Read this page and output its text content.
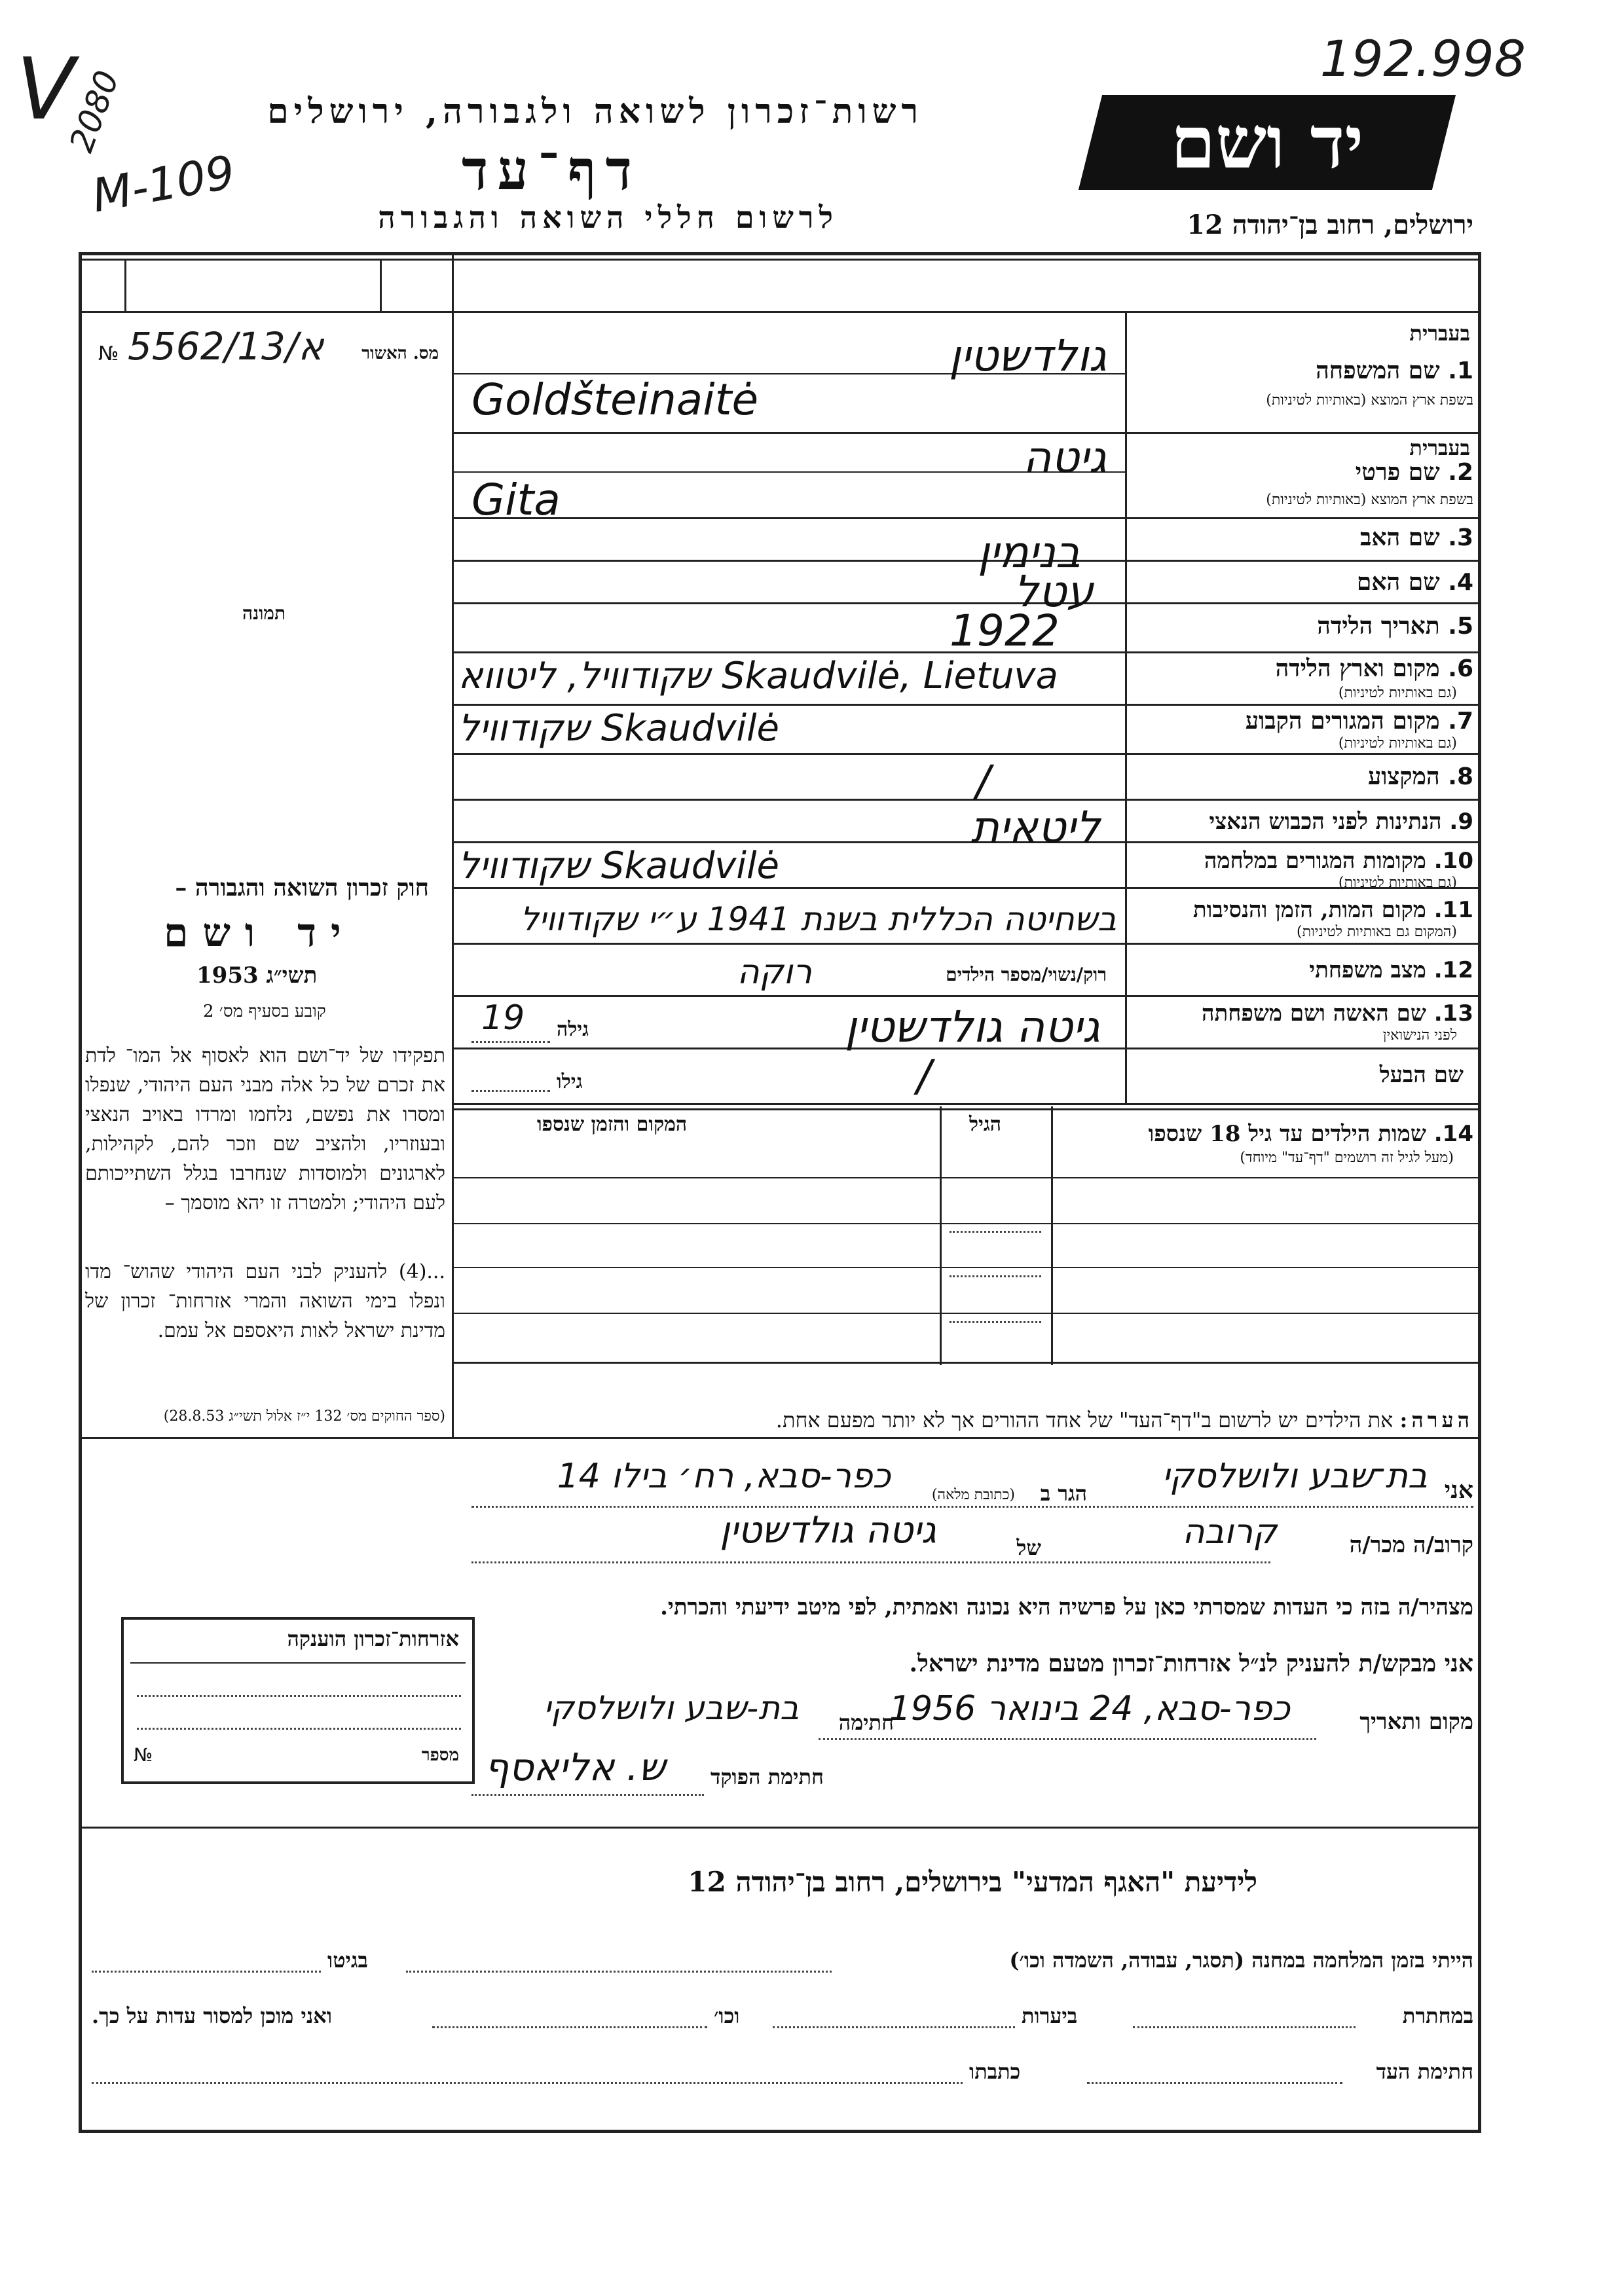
192.998
V
2080
M-109
רשות־זכרון לשואה ולגבורה, ירושלים
דף־עד
לרשום חללי השואה והגבורה
יד ושם
ירושלים, רחוב בן־יהודה 12
№ א/5562/13 מס. האשור
תמונה
חוק זכרון השואה והגבורה –
יד ושם
תשי״ג 1953
קובע בסעיף מס׳ 2
תפקידו של יד־ושם הוא לאסוף אל המו־ לדת את זכרם של כל אלה מבני העם היהודי, שנפלו ומסרו את נפשם, נלחמו ומרדו באויב הנאצי ובעוזריו, ולהציב שם וזכר להם, לקהילות, לארגונים ולמוסדות שנחרבו בגלל השתייכותם לעם היהודי; ולמטרה זו יהא מוסמך –
...(4) להעניק לבני העם היהודי שהוש־ מדו ונפלו בימי השואה והמרי אזרחות־ זכרון של מדינת ישראל לאות היאספם אל עמם.
(ספר החוקים מס׳ 132 י״ז אלול תשי״ג 28.8.53)
בעברית
1. שם המשפחה
בשפת ארץ המוצא (באותיות לטיניות)
גולדשטין
Goldšteinaitė
בעברית
2. שם פרטי
בשפת ארץ המוצא (באותיות לטיניות)
גיטה
Gita
3. שם האב
בנימין
4. שם האם
עטל
5. תאריך הלידה
1922
6. מקום וארץ הלידה
(גם באותיות לטיניות)
שקודוויל, ליטווא Skaudvilė, Lietuva
7. מקום המגורים הקבוע
(גם באותיות לטיניות)
שקודוויל Skaudvilė
8. המקצוע
/
9. הנתינות לפני הכבוש הנאצי
ליטאית
10. מקומות המגורים במלחמה
(גם באותיות לטיניות)
שקודוויל Skaudvilė
11. מקום המות, הזמן והנסיבות
(המקום גם באותיות לטיניות)
בשחיטה הכללית בשנת 1941 ע״י שקודוויל
12. מצב משפחתי
רוק/נשוי/מספר הילדים
רוקה
13. שם האשה ושם משפחתה
לפני הנישואין
גיטה גולדשטין
גילה
19
שם הבעל
/
גילו
14. שמות הילדים עד גיל 18 שנספו
(מעל לגיל זה רושמים "דף־עד" מיוחד)
הגיל
המקום והזמן שנספו
הערה: את הילדים יש לרשום ב"דף־העד" של אחד ההורים אך לא יותר מפעם אחת.
אני
בת־שבע ולושלסקי
הגר ב
(כתובת מלאה)
כפר-סבא, רח׳ בילו 14
קרוב/ה מכר/ה
קרובה
של
גיטה גולדשטין
מצהיר/ה בזה כי העדות שמסרתי כאן על פרשיה היא נכונה ואמתית, לפי מיטב ידיעתי והכרתי.
אני מבקש/ת להעניק לנ״ל אזרחות־זכרון מטעם מדינת ישראל.
מקום ותאריך
כפר-סבא, 24 בינואר 1956
חתימה
בת-שבע ולושלסקי
חתימת הפוקד
ש. אליאסף
אזרחות־זכרון הוענקה
№	מספר
לידיעת "האגף המדעי" בירושלים, רחוב בן־יהודה 12
הייתי בזמן המלחמה במחנה (תסגר, עבודה, השמדה וכו׳)
בגיטו
במחתרת
ביערות
וכו׳
ואני מוכן למסור עדות על כך.
חתימת העד
כתבתו
